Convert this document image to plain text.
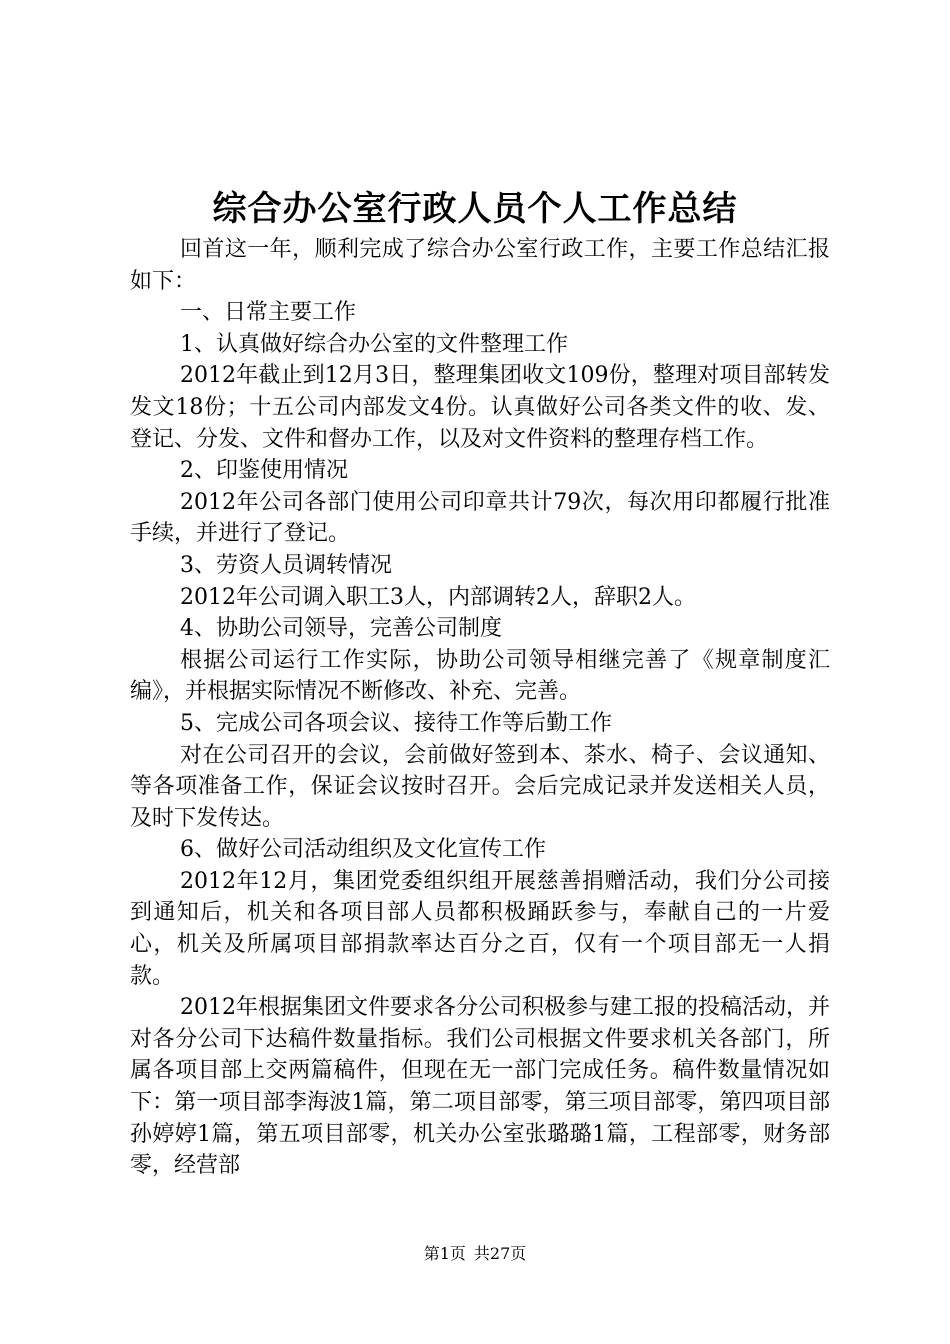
综合办公室行政人员个人工作总结

回首这一年，顺利完成了综合办公室行政工作，主要工作总结汇报如下：

一、日常主要工作

1、认真做好综合办公室的文件整理工作

2012年截止到12月3日，整理集团收文109份，整理对项目部转发发文18份；十五公司内部发文4份。认真做好公司各类文件的收、发、登记、分发、文件和督办工作，以及对文件资料的整理存档工作。

2、印鉴使用情况

2012年公司各部门使用公司印章共计79次，每次用印都履行批准手续，并进行了登记。

3、劳资人员调转情况

2012年公司调入职工3人，内部调转2人，辞职2人。

4、协助公司领导，完善公司制度

根据公司运行工作实际，协助公司领导相继完善了《规章制度汇编》，并根据实际情况不断修改、补充、完善。

5、完成公司各项会议、接待工作等后勤工作

对在公司召开的会议，会前做好签到本、茶水、椅子、会议通知、等各项准备工作，保证会议按时召开。会后完成记录并发送相关人员，及时下发传达。

6、做好公司活动组织及文化宣传工作

2012年12月，集团党委组织组开展慈善捐赠活动，我们分公司接到通知后，机关和各项目部人员都积极踊跃参与，奉献自己的一片爱心，机关及所属项目部捐款率达百分之百，仅有一个项目部无一人捐款。

2012年根据集团文件要求各分公司积极参与建工报的投稿活动，并对各分公司下达稿件数量指标。我们公司根据文件要求机关各部门，所属各项目部上交两篇稿件，但现在无一部门完成任务。稿件数量情况如下：第一项目部李海波1篇，第二项目部零，第三项目部零，第四项目部孙婷婷1篇，第五项目部零，机关办公室张璐璐1篇，工程部零，财务部零，经营部

第1页 共27页
